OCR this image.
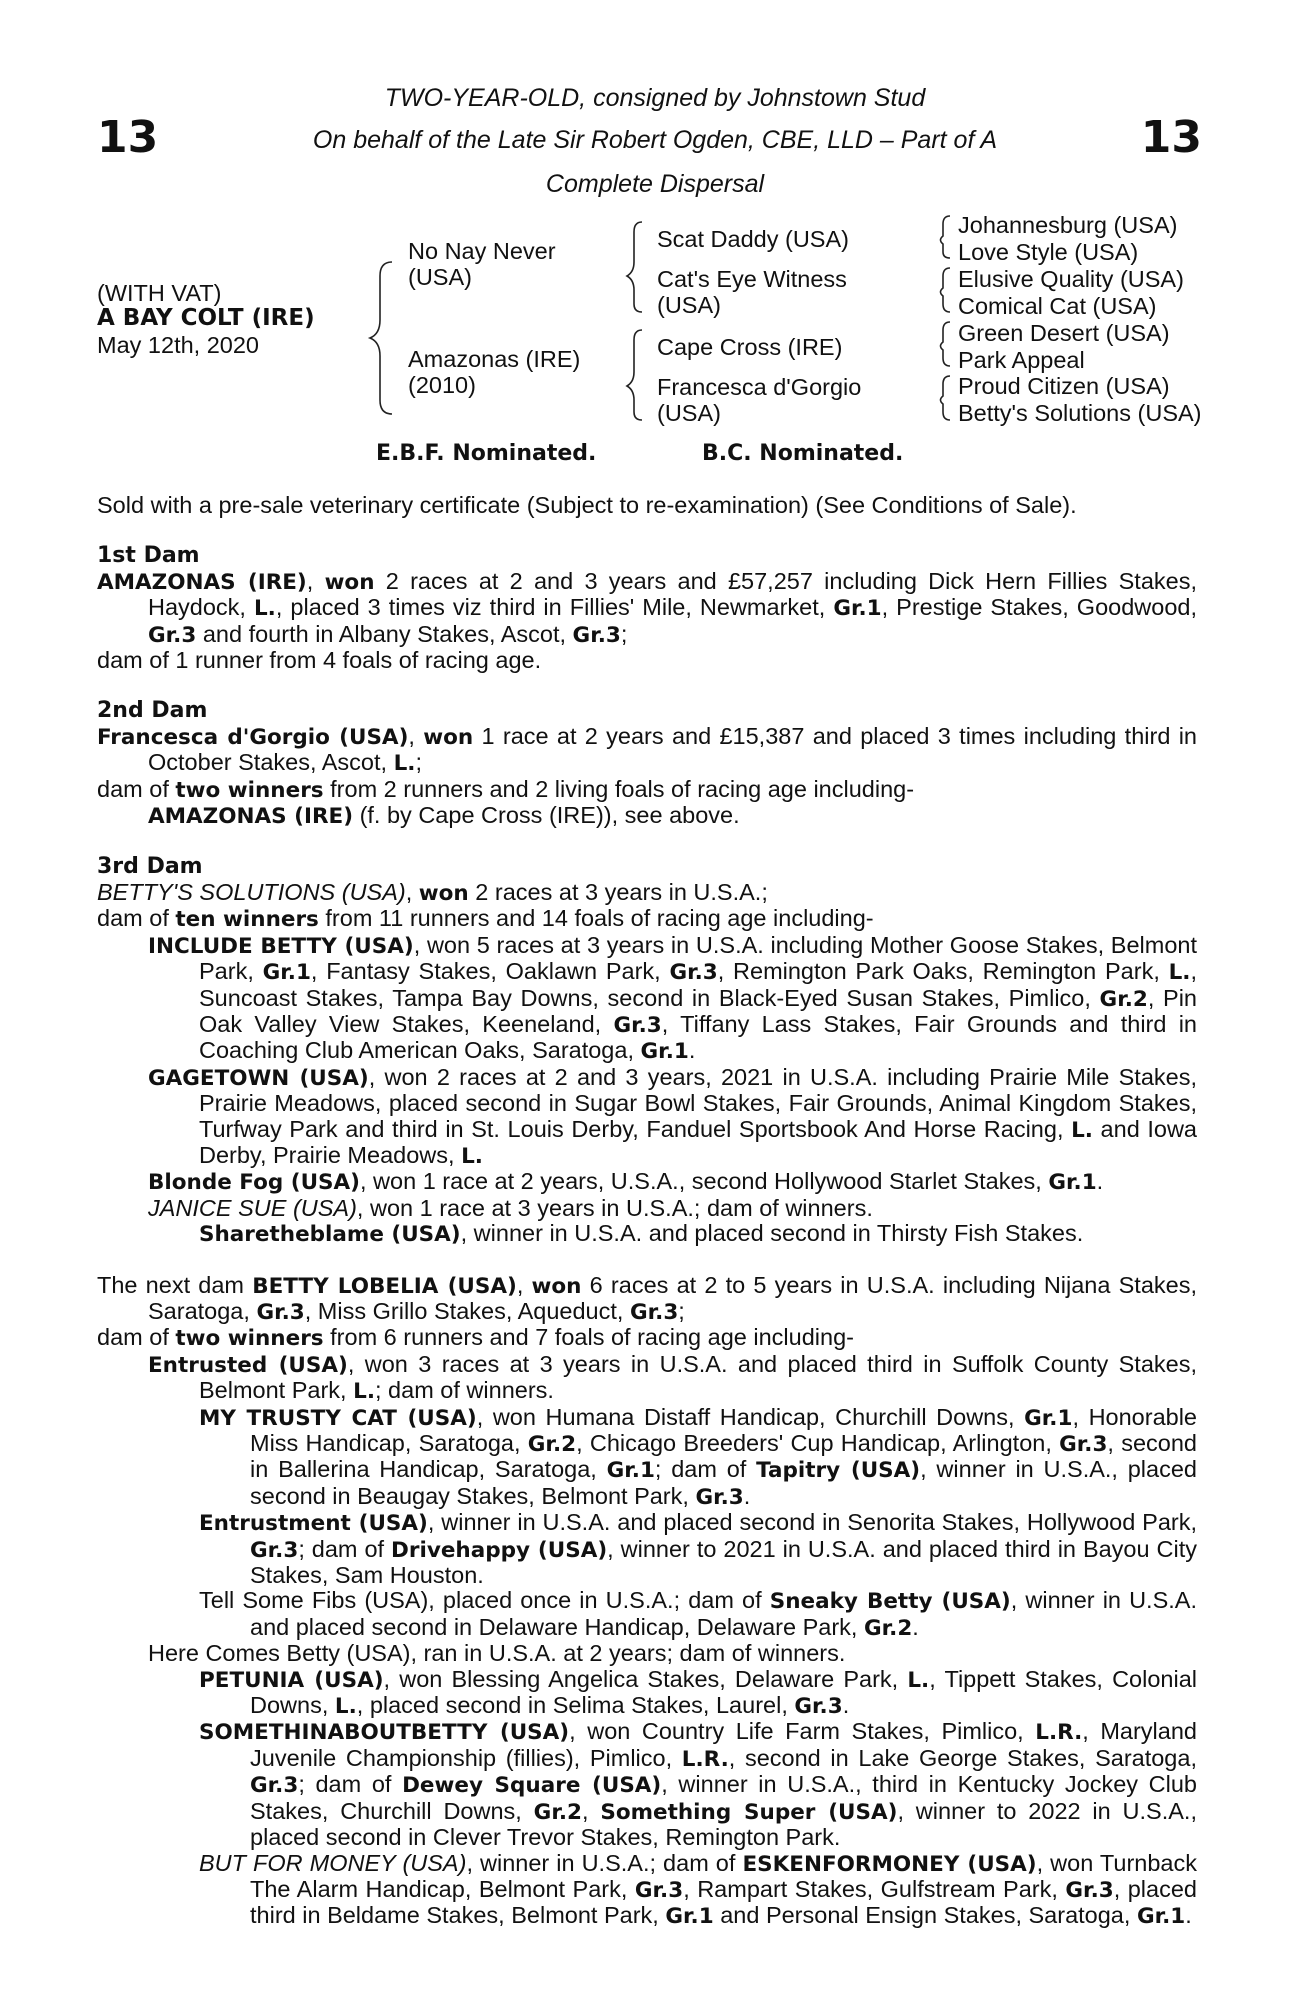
13	13
TWO-YEAR-OLD, consigned by Johnstown Stud
On behalf of the Late Sir Robert Ogden, CBE, LLD – Part of A
Complete Dispersal
(WITH VAT)
A BAY COLT (IRE)
May 12th, 2020
No Nay Never
(USA)
Amazonas (IRE)
(2010)
Scat Daddy (USA)
Cat's Eye Witness
(USA)
Cape Cross (IRE)
Francesca d'Gorgio
(USA)
Johannesburg (USA)
Love Style (USA)
Elusive Quality (USA)
Comical Cat (USA)
Green Desert (USA)
Park Appeal
Proud Citizen (USA)
Betty's Solutions (USA)
E.B.F. Nominated.	B.C. Nominated.

Sold with a pre-sale veterinary certificate (Subject to re-examination) (See Conditions of Sale).

1st Dam

AMAZONAS (IRE), won 2 races at 2 and 3 years and £57,257 including Dick Hern Fillies Stakes, Haydock, L., placed 3 times viz third in Fillies' Mile, Newmarket, Gr.1, Prestige Stakes, Goodwood, Gr.3 and fourth in Albany Stakes, Ascot, Gr.3;

dam of 1 runner from 4 foals of racing age.

2nd Dam

Francesca d'Gorgio (USA), won 1 race at 2 years and £15,387 and placed 3 times including third in October Stakes, Ascot, L.;

dam of two winners from 2 runners and 2 living foals of racing age including-

AMAZONAS (IRE) (f. by Cape Cross (IRE)), see above.

3rd Dam

BETTY'S SOLUTIONS (USA), won 2 races at 3 years in U.S.A.;

dam of ten winners from 11 runners and 14 foals of racing age including-

INCLUDE BETTY (USA), won 5 races at 3 years in U.S.A. including Mother Goose Stakes, Belmont Park, Gr.1, Fantasy Stakes, Oaklawn Park, Gr.3, Remington Park Oaks, Remington Park, L., Suncoast Stakes, Tampa Bay Downs, second in Black-Eyed Susan Stakes, Pimlico, Gr.2, Pin Oak Valley View Stakes, Keeneland, Gr.3, Tiffany Lass Stakes, Fair Grounds and third in Coaching Club American Oaks, Saratoga, Gr.1.

GAGETOWN (USA), won 2 races at 2 and 3 years, 2021 in U.S.A. including Prairie Mile Stakes, Prairie Meadows, placed second in Sugar Bowl Stakes, Fair Grounds, Animal Kingdom Stakes, Turfway Park and third in St. Louis Derby, Fanduel Sportsbook And Horse Racing, L. and Iowa Derby, Prairie Meadows, L.

Blonde Fog (USA), won 1 race at 2 years, U.S.A., second Hollywood Starlet Stakes, Gr.1.

JANICE SUE (USA), won 1 race at 3 years in U.S.A.; dam of winners.

Sharetheblame (USA), winner in U.S.A. and placed second in Thirsty Fish Stakes.

The next dam BETTY LOBELIA (USA), won 6 races at 2 to 5 years in U.S.A. including Nijana Stakes, Saratoga, Gr.3, Miss Grillo Stakes, Aqueduct, Gr.3;

dam of two winners from 6 runners and 7 foals of racing age including-

Entrusted (USA), won 3 races at 3 years in U.S.A. and placed third in Suffolk County Stakes, Belmont Park, L.; dam of winners.

MY TRUSTY CAT (USA), won Humana Distaff Handicap, Churchill Downs, Gr.1, Honorable Miss Handicap, Saratoga, Gr.2, Chicago Breeders' Cup Handicap, Arlington, Gr.3, second in Ballerina Handicap, Saratoga, Gr.1; dam of Tapitry (USA), winner in U.S.A., placed second in Beaugay Stakes, Belmont Park, Gr.3.

Entrustment (USA), winner in U.S.A. and placed second in Senorita Stakes, Hollywood Park, Gr.3; dam of Drivehappy (USA), winner to 2021 in U.S.A. and placed third in Bayou City Stakes, Sam Houston.

Tell Some Fibs (USA), placed once in U.S.A.; dam of Sneaky Betty (USA), winner in U.S.A. and placed second in Delaware Handicap, Delaware Park, Gr.2.

Here Comes Betty (USA), ran in U.S.A. at 2 years; dam of winners.

PETUNIA (USA), won Blessing Angelica Stakes, Delaware Park, L., Tippett Stakes, Colonial Downs, L., placed second in Selima Stakes, Laurel, Gr.3.

SOMETHINABOUTBETTY (USA), won Country Life Farm Stakes, Pimlico, L.R., Maryland Juvenile Championship (fillies), Pimlico, L.R., second in Lake George Stakes, Saratoga, Gr.3; dam of Dewey Square (USA), winner in U.S.A., third in Kentucky Jockey Club Stakes, Churchill Downs, Gr.2, Something Super (USA), winner to 2022 in U.S.A., placed second in Clever Trevor Stakes, Remington Park.

BUT FOR MONEY (USA), winner in U.S.A.; dam of ESKENFORMONEY (USA), won Turnback The Alarm Handicap, Belmont Park, Gr.3, Rampart Stakes, Gulfstream Park, Gr.3, placed third in Beldame Stakes, Belmont Park, Gr.1 and Personal Ensign Stakes, Saratoga, Gr.1.
